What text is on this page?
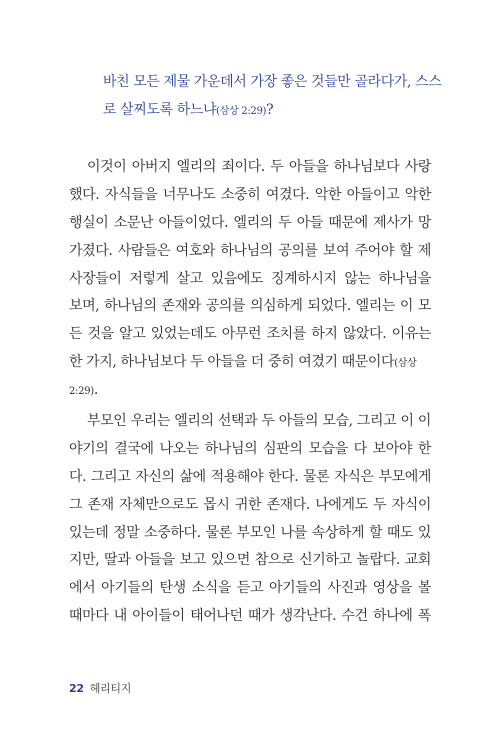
바친 모든 제물 가운데서 가장 좋은 것들만 골라다가, 스스
로 살찌도록 하느냐(삼상 2:29)?
이것이 아버지 엘리의 죄이다. 두 아들을 하나님보다 사랑
했다. 자식들을 너무나도 소중히 여겼다. 악한 아들이고 악한
행실이 소문난 아들이었다. 엘리의 두 아들 때문에 제사가 망
가졌다. 사람들은 여호와 하나님의 공의를 보여 주어야 할 제
사장들이 저렇게 살고 있음에도 징계하시지 않는 하나님을
보며, 하나님의 존재와 공의를 의심하게 되었다. 엘리는 이 모
든 것을 알고 있었는데도 아무런 조치를 하지 않았다. 이유는
한 가지, 하나님보다 두 아들을 더 중히 여겼기 때문이다(삼상
2:29).
부모인 우리는 엘리의 선택과 두 아들의 모습, 그리고 이 이
야기의 결국에 나오는 하나님의 심판의 모습을 다 보아야 한
다. 그리고 자신의 삶에 적용해야 한다. 물론 자식은 부모에게
그 존재 자체만으로도 몹시 귀한 존재다. 나에게도 두 자식이
있는데 정말 소중하다. 물론 부모인 나를 속상하게 할 때도 있
지만, 딸과 아들을 보고 있으면 참으로 신기하고 놀랍다. 교회
에서 아기들의 탄생 소식을 듣고 아기들의 사진과 영상을 볼
때마다 내 아이들이 태어나던 때가 생각난다. 수건 하나에 폭
22 헤리티지
